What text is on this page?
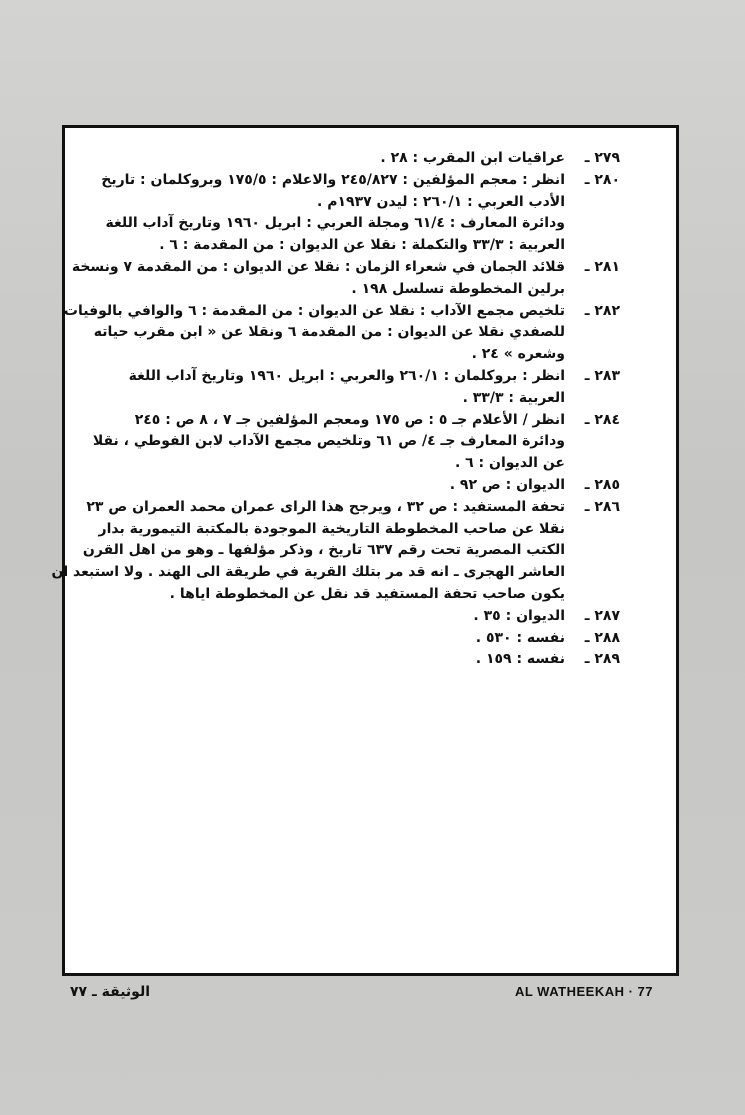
٢٧٩ ـ
عراقيات ابن المقرب : ٢٨ .
٢٨٠ ـ
انظر : معجم المؤلفين : ٢٤٥/٨٢٧ والاعلام : ١٧٥/٥ وبروكلمان : تاريخ
الأدب العربي : ٢٦٠/١ : ليدن ١٩٣٧م .
ودائرة المعارف : ٦١/٤ ومجلة العربي : ابريل ١٩٦٠ وتاريخ آداب اللغة
العربية : ٣٣/٣ والتكملة : نقلا عن الديوان : من المقدمة : ٦ .
٢٨١ ـ
قلائد الجمان في شعراء الزمان : نقلا عن الديوان : من المقدمة ٧ ونسخة
برلين المخطوطة تسلسل ١٩٨ .
٢٨٢ ـ
تلخيص مجمع الآداب : نقلا عن الديوان : من المقدمة : ٦ والوافي بالوفيات
للصفدي نقلا عن الديوان : من المقدمة ٦ ونقلا عن « ابن مقرب حياته
وشعره » ٢٤ .
٢٨٣ ـ
انظر : بروكلمان : ٢٦٠/١ والعربي : ابريل ١٩٦٠ وتاريخ آداب اللغة
العربية : ٣٣/٣ .
٢٨٤ ـ
انظر / الأعلام جـ ٥ : ص ١٧٥ ومعجم المؤلفين جـ ٧ ، ٨ ص : ٢٤٥
ودائرة المعارف جـ ٤/ ص ٦١ وتلخيص مجمع الآداب لابن الفوطي ، نقلا
عن الديوان : ٦ .
٢٨٥ ـ
الديوان : ص ٩٢ .
٢٨٦ ـ
تحفة المستفيد : ص ٣٢ ، ويرجح هذا الراى عمران محمد العمران ص ٢٣
نقلا عن صاحب المخطوطة التاريخية الموجودة بالمكتبة التيمورية بدار
الكتب المصرية تحت رقم ٦٣٧ تاريخ ، وذكر مؤلفها ـ وهو من اهل القرن
العاشر الهجرى ـ انه قد مر بتلك القرية في طريقة الى الهند . ولا استبعد ان
يكون صاحب تحفة المستفيد قد نقل عن المخطوطة اياها .
٢٨٧ ـ
الديوان : ٣٥ .
٢٨٨ ـ
نفسه : ٥٣٠ .
٢٨٩ ـ
نفسه : ١٥٩ .
الوثيقة ـ ٧٧	AL WATHEEKAH · 77
